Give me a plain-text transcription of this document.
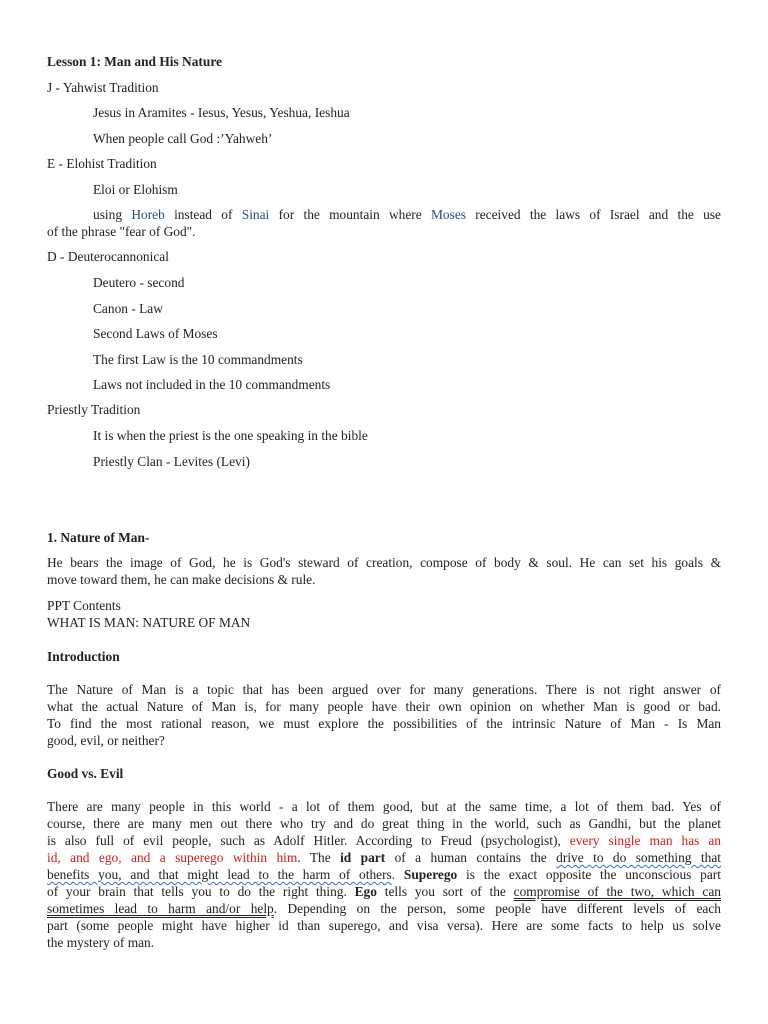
Lesson 1: Man and His Nature
J - Yahwist Tradition
Jesus in Aramites - Iesus, Yesus, Yeshua, Ieshua
When people call God :’Yahweh’
E - Elohist Tradition
Eloi or Elohism
using Horeb instead of Sinai for the mountain where Moses received the laws of Israel and the use
of the phrase "fear of God".
D - Deuterocannonical
Deutero - second
Canon - Law
Second Laws of Moses
The first Law is the 10 commandments
Laws not included in the 10 commandments
Priestly Tradition
It is when the priest is the one speaking in the bible
Priestly Clan - Levites (Levi)
1. Nature of Man-
He bears the image of God, he is God's steward of creation, compose of body & soul. He can set his goals &
move toward them, he can make decisions & rule.
PPT Contents
WHAT IS MAN: NATURE OF MAN
Introduction
The Nature of Man is a topic that has been argued over for many generations. There is not right answer of
what the actual Nature of Man is, for many people have their own opinion on whether Man is good or bad.
To find the most rational reason, we must explore the possibilities of the intrinsic Nature of Man - Is Man
good, evil, or neither?
Good vs. Evil
There are many people in this world - a lot of them good, but at the same time, a lot of them bad. Yes of
course, there are many men out there who try and do great thing in the world, such as Gandhi, but the planet
is also full of evil people, such as Adolf Hitler. According to Freud (psychologist), every single man has an
id, and ego, and a superego within him. The id part of a human contains the drive to do something that
benefits you, and that might lead to the harm of others. Superego is the exact opposite the unconscious part
of your brain that tells you to do the right thing. Ego tells you sort of the compromise of the two, which can
sometimes lead to harm and/or help. Depending on the person, some people have different levels of each
part (some people might have higher id than superego, and visa versa). Here are some facts to help us solve
the mystery of man.
